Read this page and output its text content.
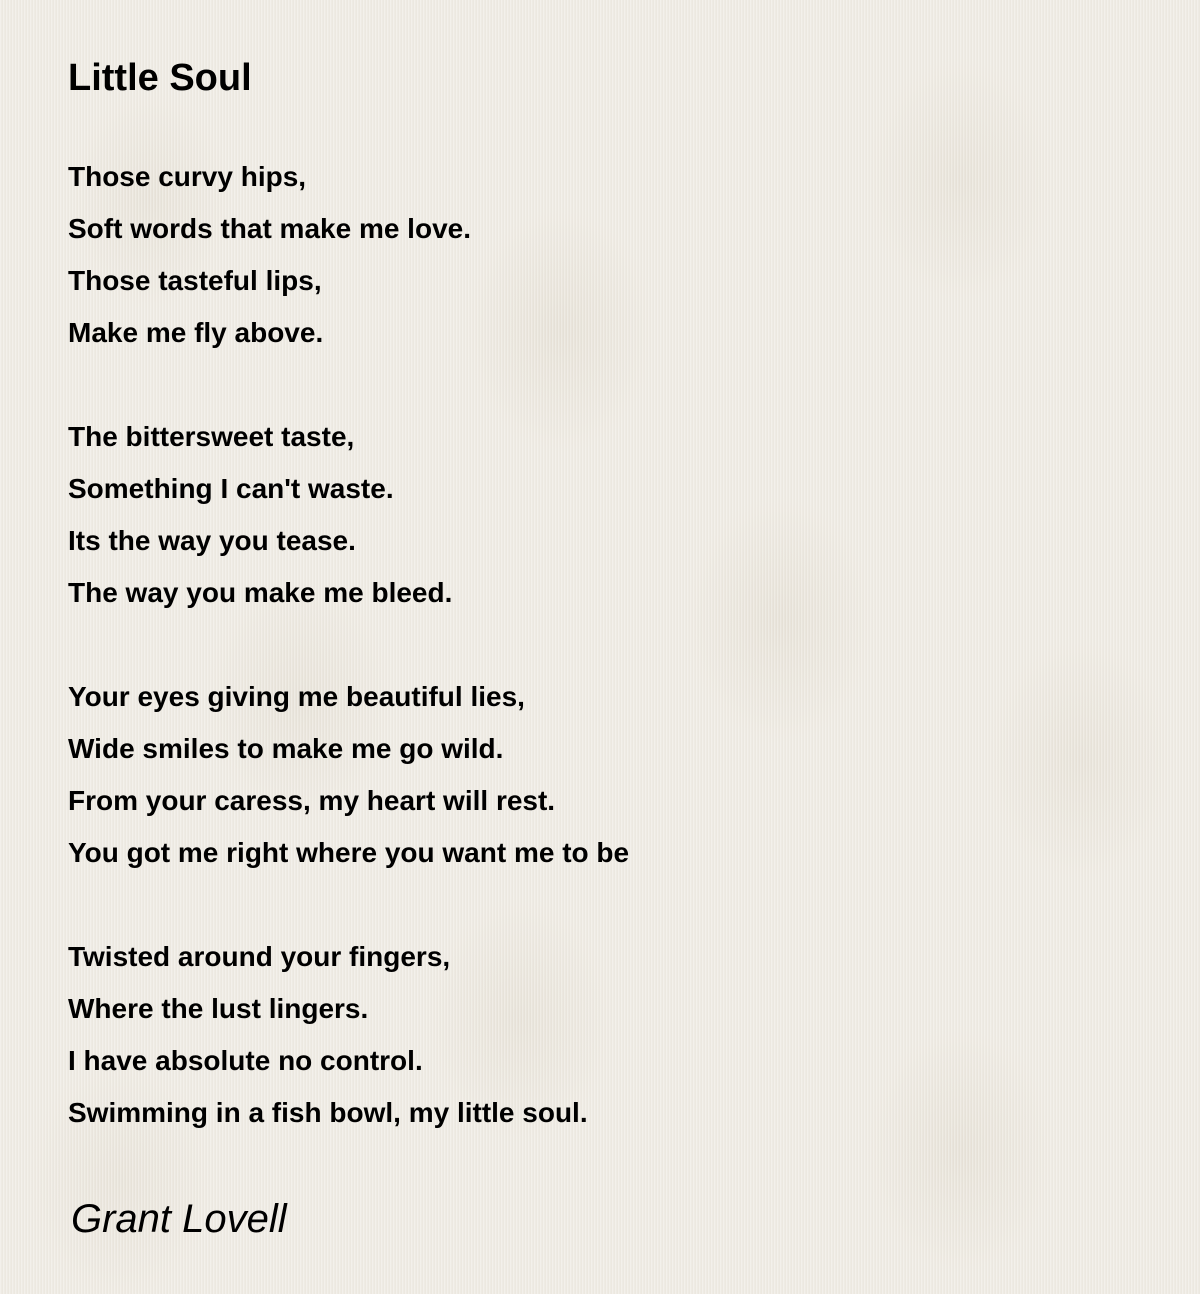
Little Soul
Those curvy hips,
Soft words that make me love.
Those tasteful lips,
Make me fly above.
The bittersweet taste,
Something I can't waste.
Its the way you tease.
The way you make me bleed.
Your eyes giving me beautiful lies,
Wide smiles to make me go wild.
From your caress, my heart will rest.
You got me right where you want me to be
Twisted around your fingers,
Where the lust lingers.
I have absolute no control.
Swimming in a fish bowl, my little soul.
Grant Lovell
